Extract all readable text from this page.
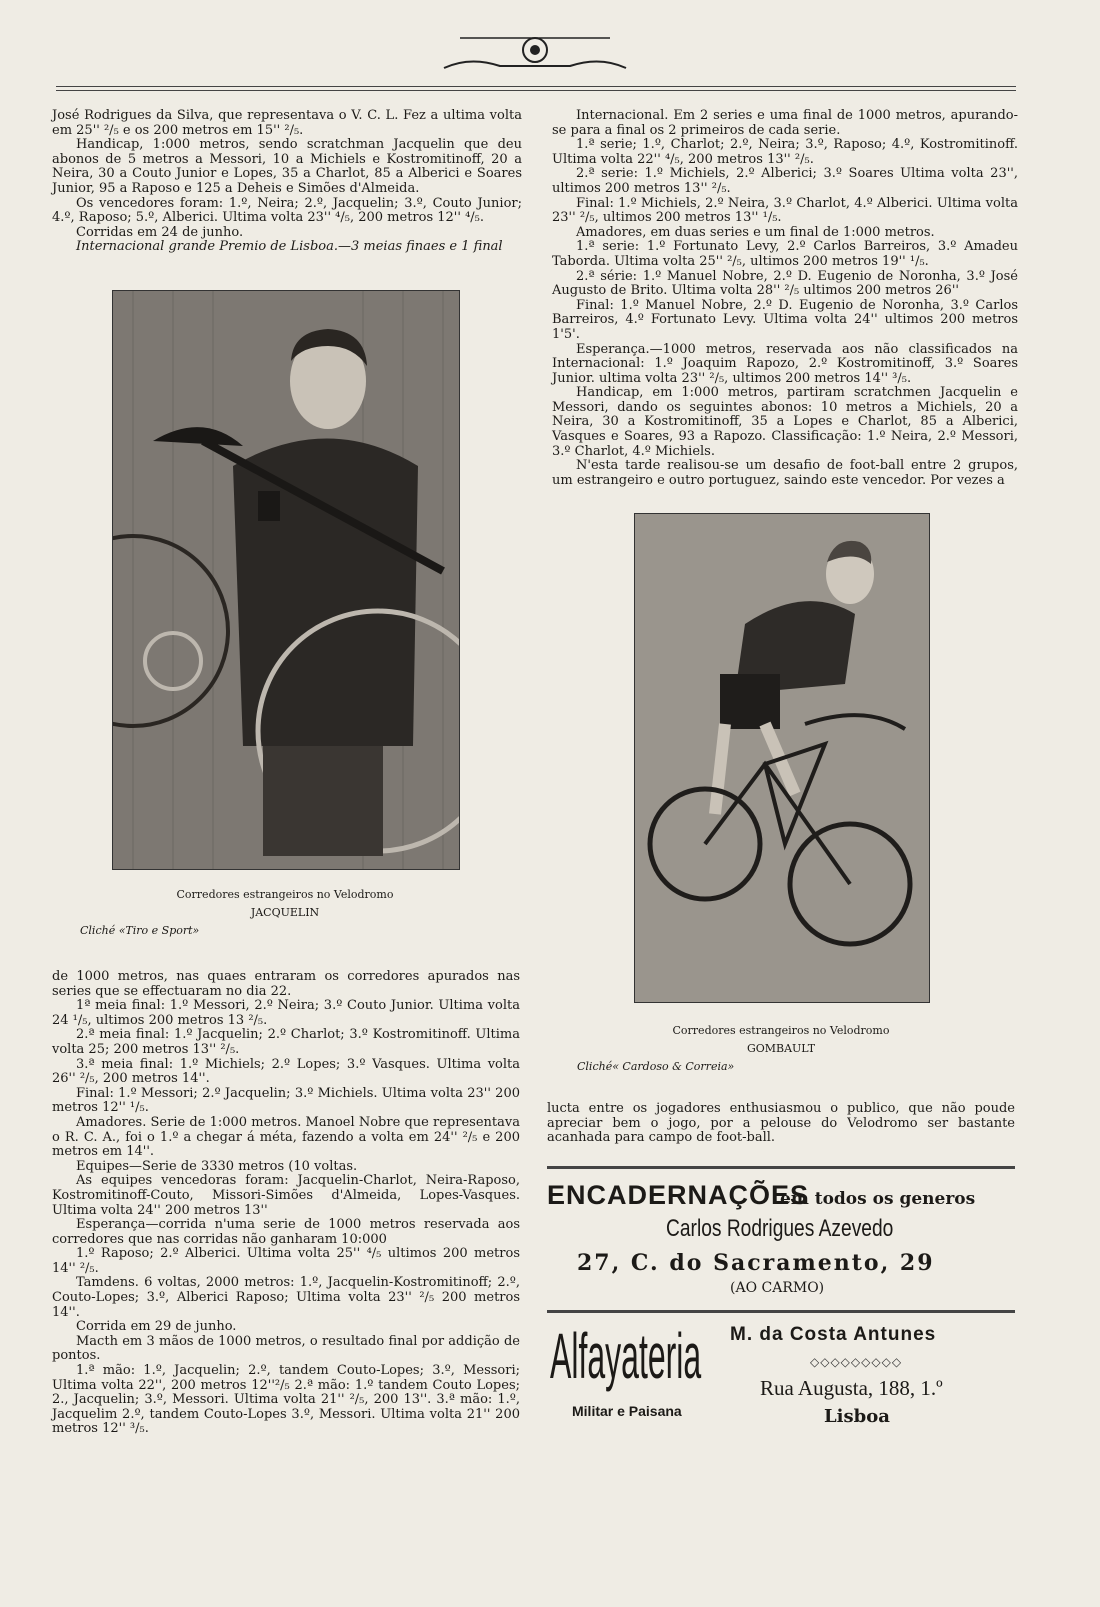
José Rodrigues da Silva, que representava o V. C. L. Fez a ultima volta em 25'' ²/₅ e os 200 metros em 15'' ²/₅.

Handicap, 1:000 metros, sendo scratchman Jacquelin que deu abonos de 5 metros a Messori, 10 a Michiels e Kostromitinoff, 20 a Neira, 30 a Couto Junior e Lopes, 35 a Charlot, 85 a Alberici e Soares Junior, 95 a Raposo e 125 a Deheis e Simões d'Almeida.

Os vencedores foram: 1.º, Neira; 2.º, Jacquelin; 3.º, Couto Junior; 4.º, Raposo; 5.º, Alberici. Ultima volta 23'' ⁴/₅, 200 metros 12'' ⁴/₅.

Corridas em 24 de junho.

Internacional grande Premio de Lisboa.—3 meias finaes e 1 final

Corredores estrangeiros no Velodromo
JACQUELIN
Cliché «Tiro e Sport»

de 1000 metros, nas quaes entraram os corredores apurados nas series que se effectuaram no dia 22.

1ª meia final: 1.º Messori, 2.º Neira; 3.º Couto Junior. Ultima volta 24 ¹/₅, ultimos 200 metros 13 ²/₅.

2.ª meia final: 1.º Jacquelin; 2.º Charlot; 3.º Kostromitinoff. Ultima volta 25; 200 metros 13'' ²/₅.

3.ª meia final: 1.º Michiels; 2.º Lopes; 3.º Vasques. Ultima volta 26'' ²/₅, 200 metros 14''.

Final: 1.º Messori; 2.º Jacquelin; 3.º Michiels. Ultima volta 23'' 200 metros 12'' ¹/₅.

Amadores. Serie de 1:000 metros. Manoel Nobre que representava o R. C. A., foi o 1.º a chegar á méta, fazendo a volta em 24'' ²/₅ e 200 metros em 14''.

Equipes—Serie de 3330 metros (10 voltas.

As equipes vencedoras foram: Jacquelin-Charlot, Neira-Raposo, Kostromitinoff-Couto, Missori-Simões d'Almeida, Lopes-Vasques. Ultima volta 24'' 200 metros 13''

Esperança—corrida n'uma serie de 1000 metros reservada aos corredores que nas corridas não ganharam 10:000

1.º Raposo; 2.º Alberici. Ultima volta 25'' ⁴/₅ ultimos 200 metros 14'' ²/₅.

Tamdens. 6 voltas, 2000 metros: 1.º, Jacquelin-Kostromitinoff; 2.º, Couto-Lopes; 3.º, Alberici Raposo; Ultima volta 23'' ²/₅ 200 metros 14''.

Corrida em 29 de junho.

Macth em 3 mãos de 1000 metros, o resultado final por addição de pontos.

1.ª mão: 1.º, Jacquelin; 2.º, tandem Couto-Lopes; 3.º, Messori; Ultima volta 22'', 200 metros 12''²/₅ 2.ª mão: 1.º tandem Couto Lopes; 2., Jacquelin; 3.º, Messori. Ultima volta 21'' ²/₅, 200 13''. 3.ª mão: 1.º, Jacquelim 2.º, tandem Couto-Lopes 3.º, Messori. Ultima volta 21'' 200 metros 12'' ³/₅.

Internacional. Em 2 series e uma final de 1000 metros, apurando-se para a final os 2 primeiros de cada serie.

1.ª serie; 1.º, Charlot; 2.º, Neira; 3.º, Raposo; 4.º, Kostromitinoff. Ultima volta 22'' ⁴/₅, 200 metros 13'' ²/₅.

2.ª serie: 1.º Michiels, 2.º Alberici; 3.º Soares Ultima volta 23'', ultimos 200 metros 13'' ²/₅.

Final: 1.º Michiels, 2.º Neira, 3.º Charlot, 4.º Alberici. Ultima volta 23'' ²/₅, ultimos 200 metros 13'' ¹/₅.

Amadores, em duas series e um final de 1:000 metros.

1.ª serie: 1.º Fortunato Levy, 2.º Carlos Barreiros, 3.º Amadeu Taborda. Ultima volta 25'' ²/₅, ultimos 200 metros 19'' ¹/₅.

2.ª série: 1.º Manuel Nobre, 2.º D. Eugenio de Noronha, 3.º José Augusto de Brito. Ultima volta 28'' ²/₅ ultimos 200 metros 26''

Final: 1.º Manuel Nobre, 2.º D. Eugenio de Noronha, 3.º Carlos Barreiros, 4.º Fortunato Levy. Ultima volta 24'' ultimos 200 metros 1'5'.

Esperança.—1000 metros, reservada aos não classificados na Internacional: 1.º Joaquim Rapozo, 2.º Kostromitinoff, 3.º Soares Junior. ultima volta 23'' ²/₅, ultimos 200 metros 14'' ³/₅.

Handicap, em 1:000 metros, partiram scratchmen Jacquelin e Messori, dando os seguintes abonos: 10 metros a Michiels, 20 a Neira, 30 a Kostromitinoff, 35 a Lopes e Charlot, 85 a Alberici, Vasques e Soares, 93 a Rapozo. Classificação: 1.º Neira, 2.º Messori, 3.º Charlot, 4.º Michiels.

N'esta tarde realisou-se um desafio de foot-ball entre 2 grupos, um estrangeiro e outro portuguez, saindo este vencedor. Por vezes a

Corredores estrangeiros no Velodromo
GOMBAULT
Cliché« Cardoso & Correia»

lucta entre os jogadores enthusiasmou o publico, que não poude apreciar bem o jogo, por a pelouse do Velodromo ser bastante acanhada para campo de foot-ball.

ENCADERNAÇÕES
em todos os generos
Carlos Rodrigues Azevedo
27, C. do Sacramento, 29
(AO CARMO)
Alfayateria
Militar e Paisana
M. da Costa Antunes
◇◇◇◇◇◇◇◇◇
Rua Augusta, 188, 1.º
Lisboa
